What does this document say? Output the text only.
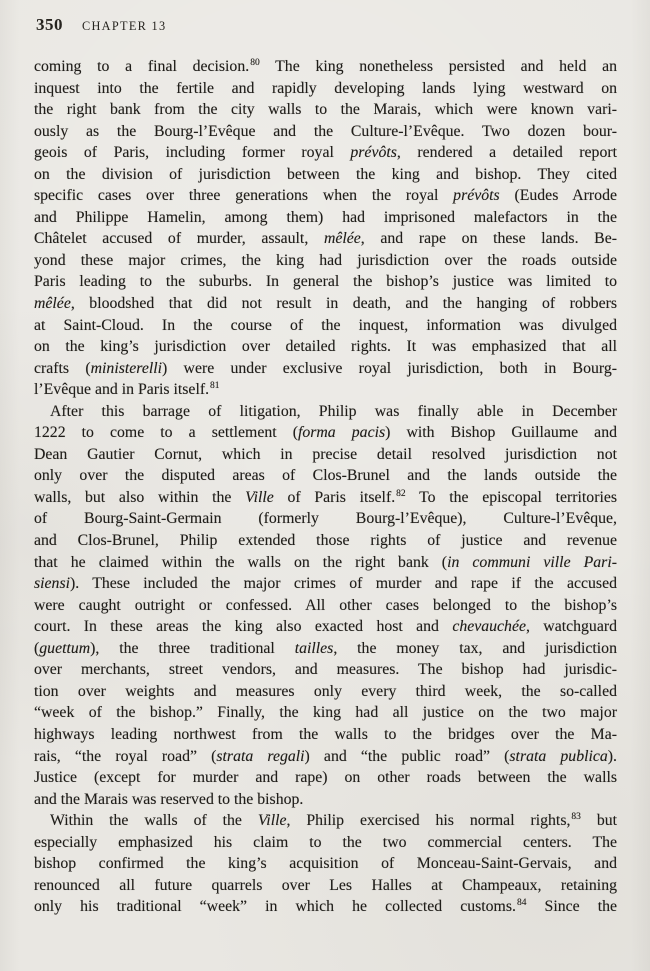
350 CHAPTER 13
coming to a final decision.$^{80}$ The king nonetheless persisted and held an
inquest into the fertile and rapidly developing lands lying westward on
the right bank from the city walls to the Marais, which were known vari-
ously as the Bourg-l’Evêque and the Culture-l’Evêque. Two dozen bour-
geois of Paris, including former royal prévôts, rendered a detailed report
on the division of jurisdiction between the king and bishop. They cited
specific cases over three generations when the royal prévôts (Eudes Arrode
and Philippe Hamelin, among them) had imprisoned malefactors in the
Châtelet accused of murder, assault, mêlée, and rape on these lands. Be-
yond these major crimes, the king had jurisdiction over the roads outside
Paris leading to the suburbs. In general the bishop’s justice was limited to
mêlée, bloodshed that did not result in death, and the hanging of robbers
at Saint-Cloud. In the course of the inquest, information was divulged
on the king’s jurisdiction over detailed rights. It was emphasized that all
crafts (ministerelli) were under exclusive royal jurisdiction, both in Bourg-
l’Evêque and in Paris itself.$^{81}$
After this barrage of litigation, Philip was finally able in December
1222 to come to a settlement (forma pacis) with Bishop Guillaume and
Dean Gautier Cornut, which in precise detail resolved jurisdiction not
only over the disputed areas of Clos-Brunel and the lands outside the
walls, but also within the Ville of Paris itself.$^{82}$ To the episcopal territories
of Bourg-Saint-Germain (formerly Bourg-l’Evêque), Culture-l’Evêque,
and Clos-Brunel, Philip extended those rights of justice and revenue
that he claimed within the walls on the right bank (in communi ville Pari-
siensi). These included the major crimes of murder and rape if the accused
were caught outright or confessed. All other cases belonged to the bishop’s
court. In these areas the king also exacted host and chevauchée, watchguard
(guettum), the three traditional tailles, the money tax, and jurisdiction
over merchants, street vendors, and measures. The bishop had jurisdic-
tion over weights and measures only every third week, the so-called
“week of the bishop.” Finally, the king had all justice on the two major
highways leading northwest from the walls to the bridges over the Ma-
rais, “the royal road” (strata regali) and “the public road” (strata publica).
Justice (except for murder and rape) on other roads between the walls
and the Marais was reserved to the bishop.
Within the walls of the Ville, Philip exercised his normal rights,$^{83}$ but
especially emphasized his claim to the two commercial centers. The
bishop confirmed the king’s acquisition of Monceau-Saint-Gervais, and
renounced all future quarrels over Les Halles at Champeaux, retaining
only his traditional “week” in which he collected customs.$^{84}$ Since the
